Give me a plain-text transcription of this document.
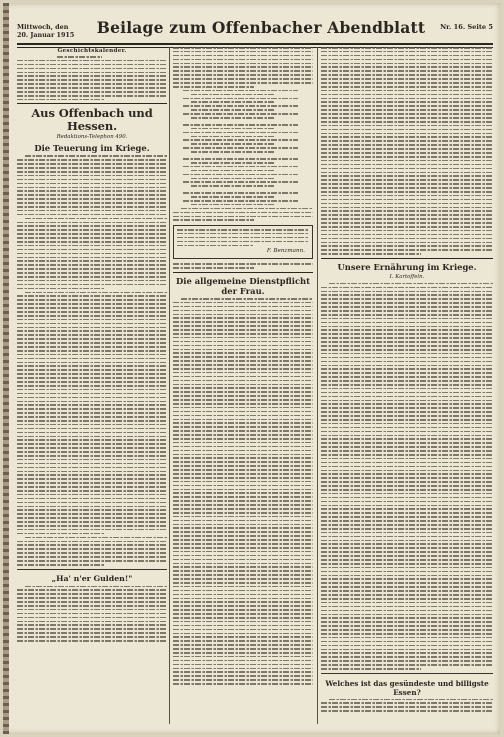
Mittwoch, den
20. Januar 1915	Beilage zum Offenbacher Abendblatt	Nr. 16. Seite 5
Geschichtskalender.
Aus Offenbach und Hessen.
Redaktions-Telephon 490.
Die Teuerung im Kriege.
„Ha' n'er Gulden!"
F. Benzmann.
Die allgemeine Dienstpflicht der Frau.
Unsere Ernährung im Kriege.
I. Kartoffeln.
Welches ist das gesündeste und billigste Essen?
